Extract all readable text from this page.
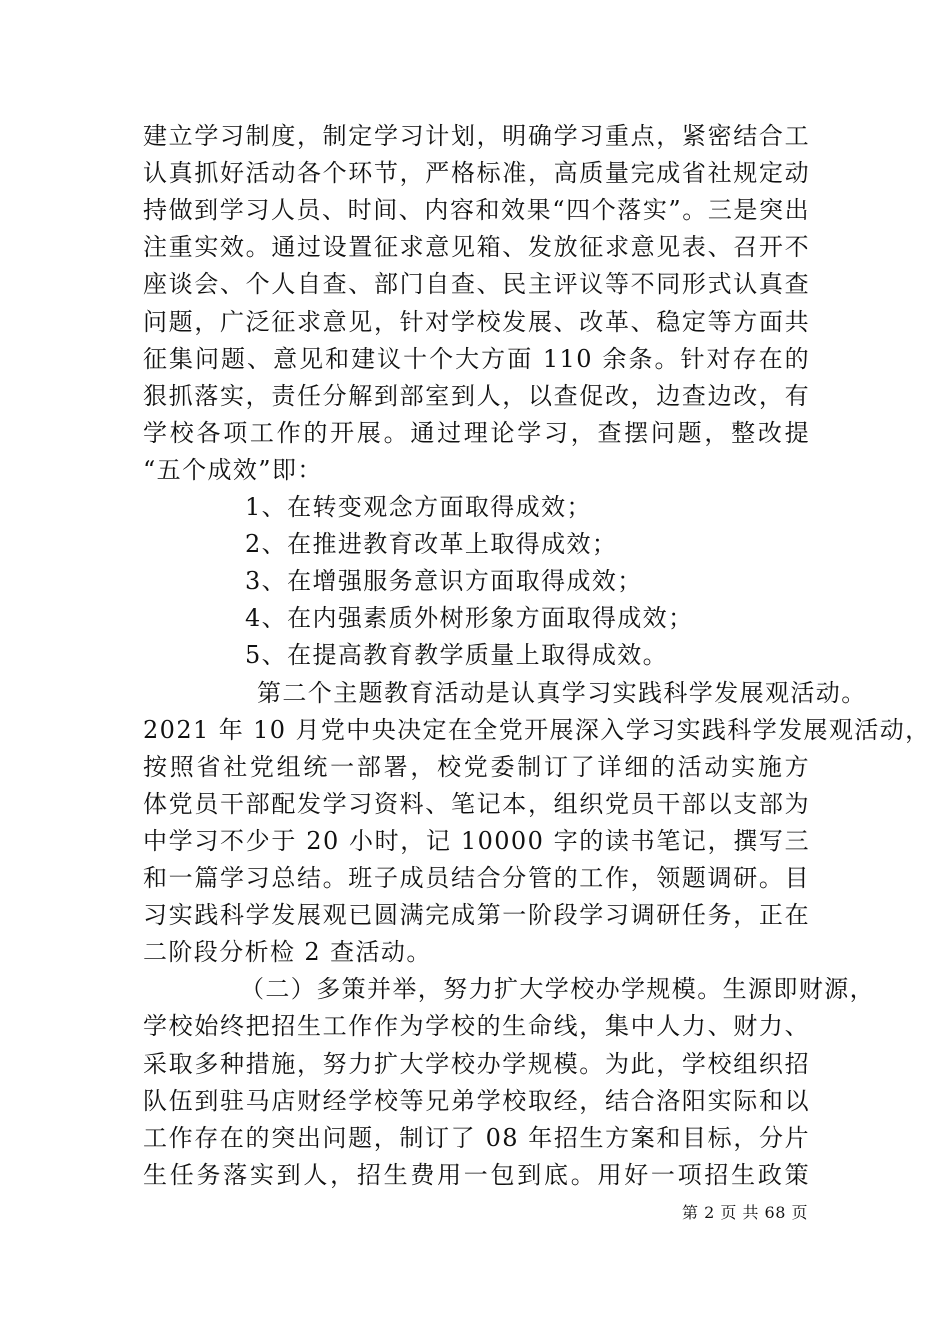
建立学习制度，制定学习计划，明确学习重点，紧密结合工
认真抓好活动各个环节，严格标准，高质量完成省社规定动
持做到学习人员、时间、内容和效果“四个落实”。三是突出
注重实效。通过设置征求意见箱、发放征求意见表、召开不
座谈会、个人自查、部门自查、民主评议等不同形式认真查
问题，广泛征求意见，针对学校发展、改革、稳定等方面共
征集问题、意见和建议十个大方面 110 余条。针对存在的
狠抓落实，责任分解到部室到人，以查促改，边查边改，有
学校各项工作的开展。通过理论学习，查摆问题，整改提
“五个成效”即：
1、在转变观念方面取得成效；
2、在推进教育改革上取得成效；
3、在增强服务意识方面取得成效；
4、在内强素质外树形象方面取得成效；
5、在提高教育教学质量上取得成效。
第二个主题教育活动是认真学习实践科学发展观活动。
2021 年 10 月党中央决定在全党开展深入学习实践科学发展观活动，
按照省社党组统一部署，校党委制订了详细的活动实施方
体党员干部配发学习资料、笔记本，组织党员干部以支部为
中学习不少于 20 小时，记 10000 字的读书笔记，撰写三
和一篇学习总结。班子成员结合分管的工作，领题调研。目
习实践科学发展观已圆满完成第一阶段学习调研任务，正在
二阶段分析检 2 查活动。
（二）多策并举，努力扩大学校办学规模。生源即财源，
学校始终把招生工作作为学校的生命线，集中人力、财力、
采取多种措施，努力扩大学校办学规模。为此，学校组织招
队伍到驻马店财经学校等兄弟学校取经，结合洛阳实际和以
工作存在的突出问题，制订了 08 年招生方案和目标，分片
生任务落实到人，招生费用一包到底。用好一项招生政策
第 2 页 共 68 页
